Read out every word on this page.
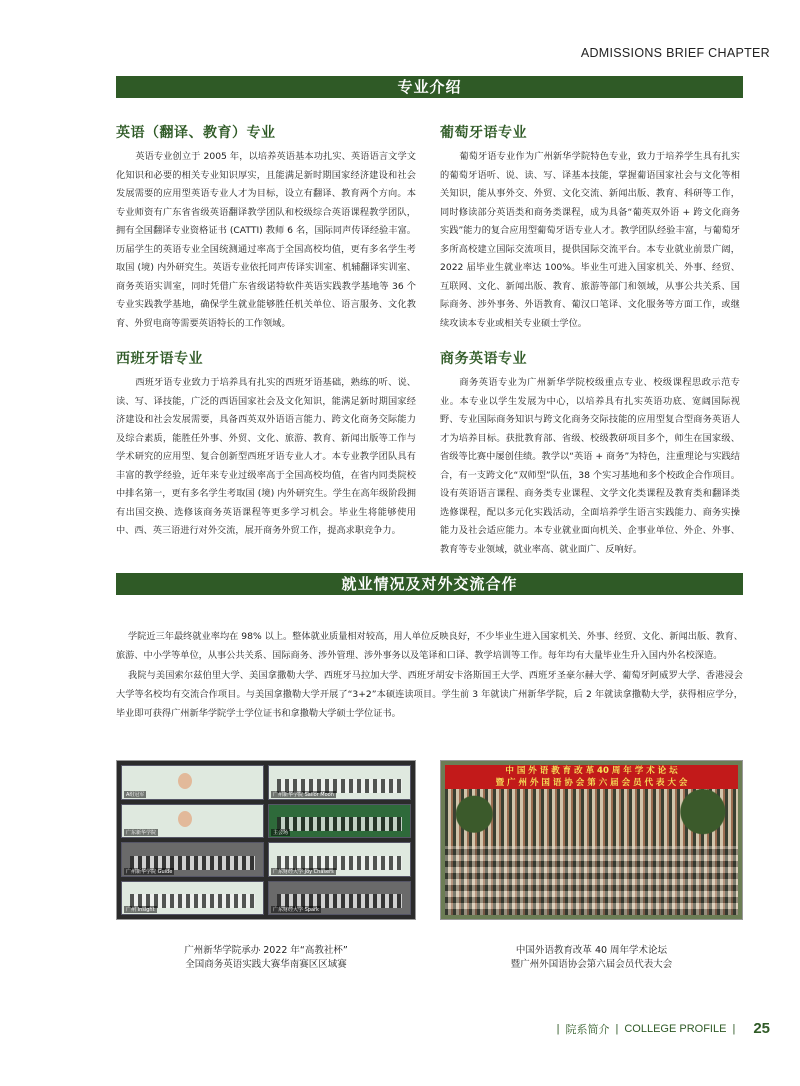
ADMISSIONS BRIEF CHAPTER
专业介绍
英语（翻译、教育）专业
英语专业创立于 2005 年，以培养英语基本功扎实、英语语言文学文化知识和必要的相关专业知识厚实，且能满足新时期国家经济建设和社会发展需要的应用型英语专业人才为目标，设立有翻译、教育两个方向。本专业师资有广东省省级英语翻译教学团队和校级综合英语课程教学团队，拥有全国翻译专业资格证书 (CATTI) 教师 6 名，国际同声传译经验丰富。历届学生的英语专业全国统测通过率高于全国高校均值，更有多名学生考取国 (境) 内外研究生。英语专业依托同声传译实训室、机辅翻译实训室、商务英语实训室，同时凭借广东省级诺特软件英语实践教学基地等 36 个专业实践教学基地，确保学生就业能够胜任机关单位、语言服务、文化教育、外贸电商等需要英语特长的工作领域。
葡萄牙语专业
葡萄牙语专业作为广州新华学院特色专业，致力于培养学生具有扎实的葡萄牙语听、说、读、写、译基本技能，掌握葡语国家社会与文化等相关知识，能从事外交、外贸、文化交流、新闻出版、教育、科研等工作，同时修读部分英语类和商务类课程，成为具备“葡英双外语 + 跨文化商务实践”能力的复合应用型葡萄牙语专业人才。教学团队经验丰富，与葡萄牙多所高校建立国际交流项目，提供国际交流平台。本专业就业前景广阔，2022 届毕业生就业率达 100%。毕业生可进入国家机关、外事、经贸、互联网、文化、新闻出版、教育、旅游等部门和领域，从事公共关系、国际商务、涉外事务、外语教育、葡汉口笔译、文化服务等方面工作，或继续攻读本专业或相关专业硕士学位。
西班牙语专业
西班牙语专业致力于培养具有扎实的西班牙语基础，熟练的听、说、读、写、译技能，广泛的西语国家社会及文化知识，能满足新时期国家经济建设和社会发展需要，具备西英双外语语言能力、跨文化商务交际能力及综合素质，能胜任外事、外贸、文化、旅游、教育、新闻出版等工作与学术研究的应用型、复合创新型西班牙语专业人才。本专业教学团队具有丰富的教学经验，近年来专业过级率高于全国高校均值，在省内同类院校中排名第一，更有多名学生考取国 (境) 内外研究生。学生在高年级阶段拥有出国交换、选修该商务英语课程等更多学习机会。毕业生将能够使用中、西、英三语进行对外交流，展开商务外贸工作，提高求职竞争力。
商务英语专业
商务英语专业为广州新华学院校级重点专业、校级课程思政示范专业。本专业以学生发展为中心，以培养具有扎实英语功底、宽阔国际视野、专业国际商务知识与跨文化商务交际技能的应用型复合型商务英语人才为培养目标。获批教育部、省级、校级教研项目多个，师生在国家级、省级等比赛中屡创佳绩。教学以“英语 + 商务”为特色，注重理论与实践结合，有一支跨文化“双师型”队伍，38 个实习基地和多个校政企合作项目。设有英语语言课程、商务类专业课程、文学文化类课程及教育类和翻译类选修课程，配以多元化实践活动，全面培养学生语言实践能力、商务实操能力及社会适应能力。本专业就业面向机关、企事业单位、外企、外事、教育等专业领域，就业率高、就业面广、反响好。
就业情况及对外交流合作

学院近三年最终就业率均在 98% 以上。整体就业质量相对较高，用人单位反映良好，不少毕业生进入国家机关、外事、经贸、文化、新闻出版、教育、旅游、中小学等单位，从事公共关系、国际商务、涉外管理、涉外事务以及笔译和口译、教学培训等工作。每年均有大量毕业生升入国内外名校深造。

我院与美国索尔兹伯里大学、美国拿撒勒大学、西班牙马拉加大学、西班牙胡安卡洛斯国王大学、西班牙圣豪尔赫大学、葡萄牙阿威罗大学、香港浸会大学等名校均有交流合作项目。与美国拿撒勒大学开展了“3+2”本硕连读项目。学生前 3 年就读广州新华学院，后 2 年就读拿撒勒大学，获得相应学分，毕业即可获得广州新华学院学士学位证书和拿撒勒大学硕士学位证书。

A组冠军	广州新华学院 Sailor Moon
广东新华学院	主会场
广州新华学院 Guide	广东财经大学 Joy Chasers
广州 Insight	广东财经大学 Spark
中 国 外 语 教 育 改 革 40 周 年 学 术 论 坛
暨 广 州 外 国 语 协 会 第 六 届 会 员 代 表 大 会
广州新华学院承办 2022 年“高教社杯”
全国商务英语实践大赛华南赛区区域赛
中国外语教育改革 40 周年学术论坛
暨广州外国语协会第六届会员代表大会
| 院系简介 | COLLEGE PROFILE | 25
